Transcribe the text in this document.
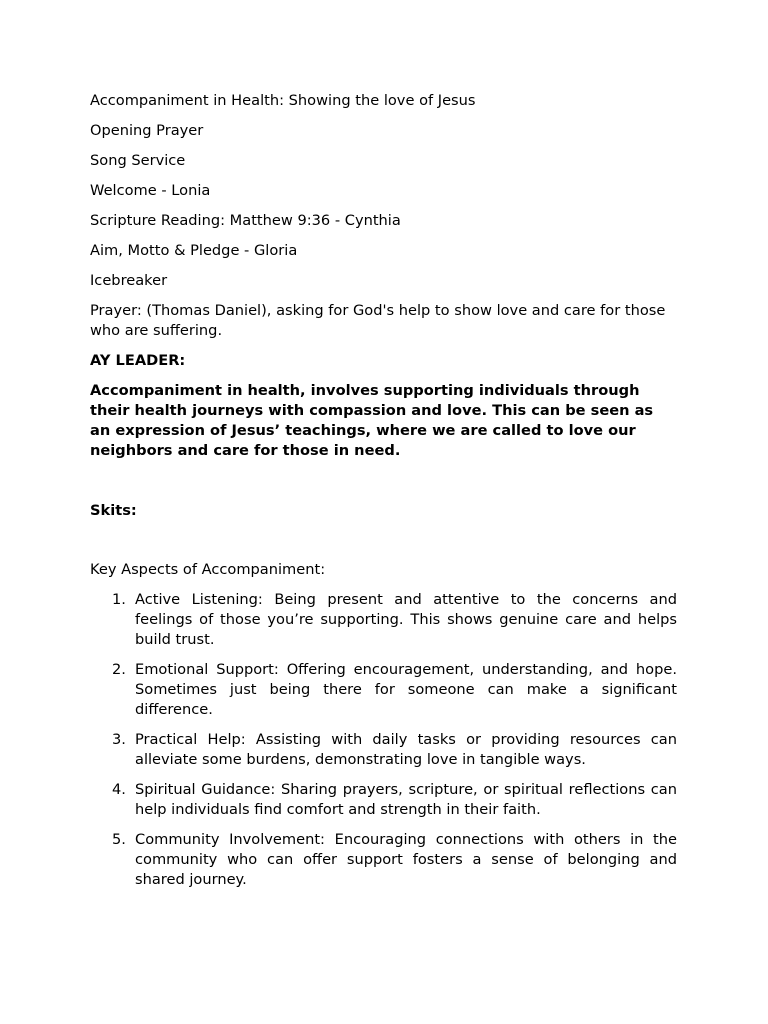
Accompaniment in Health: Showing the love of Jesus

Opening Prayer

Song Service

Welcome - Lonia

Scripture Reading: Matthew 9:36 - Cynthia

Aim, Motto & Pledge - Gloria

Icebreaker

Prayer: (Thomas Daniel), asking for God's help to show love and care for those who are suffering.

AY LEADER:

Accompaniment in health, involves supporting individuals through their health journeys with compassion and love. This can be seen as an expression of Jesus’ teachings, where we are called to love our neighbors and care for those in need.

Skits:

Key Aspects of Accompaniment:

1. Active Listening: Being present and attentive to the concerns and feelings of those you’re supporting. This shows genuine care and helps build trust.
2. Emotional Support: Offering encouragement, understanding, and hope. Sometimes just being there for someone can make a significant difference.
3. Practical Help: Assisting with daily tasks or providing resources can alleviate some burdens, demonstrating love in tangible ways.
4. Spiritual Guidance: Sharing prayers, scripture, or spiritual reflections can help individuals find comfort and strength in their faith.
5. Community Involvement: Encouraging connections with others in the community who can offer support fosters a sense of belonging and shared journey.
